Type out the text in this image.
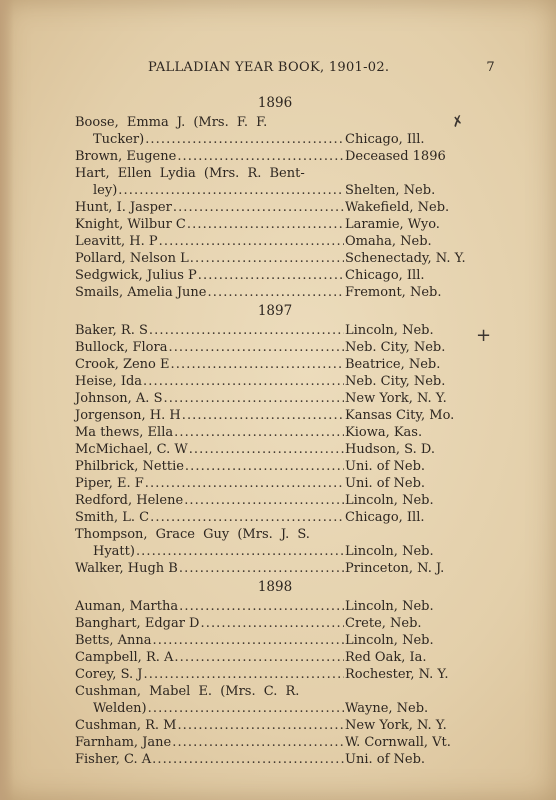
PALLADIAN YEAR BOOK, 1901-02.	7
1896
Boose, Emma J. (Mrs. F. F.
Tucker) .....	Chicago, Ill.
Brown, Eugene .....	Deceased 1896
Hart, Ellen Lydia (Mrs. R. Bent-
ley) .....	Shelten, Neb.
Hunt, I. Jasper .....	Wakefield, Neb.
Knight, Wilbur C .....	Laramie, Wyo.
Leavitt, H. P .....	Omaha, Neb.
Pollard, Nelson L .....	Schenectady, N. Y.
Sedgwick, Julius P .....	Chicago, Ill.
Smails, Amelia June .....	Fremont, Neb.
1897
Baker, R. S .....	Lincoln, Neb.
Bullock, Flora .....	Neb. City, Neb.
Crook, Zeno E .....	Beatrice, Neb.
Heise, Ida .....	Neb. City, Neb.
Johnson, A. S .....	New York, N. Y.
Jorgenson, H. H .....	Kansas City, Mo.
Ma thews, Ella .....	Kiowa, Kas.
McMichael, C. W .....	Hudson, S. D.
Philbrick, Nettie .....	Uni. of Neb.
Piper, E. F .....	Uni. of Neb.
Redford, Helene .....	Lincoln, Neb.
Smith, L. C .....	Chicago, Ill.
Thompson, Grace Guy (Mrs. J. S.
Hyatt) .....	Lincoln, Neb.
Walker, Hugh B .....	Princeton, N. J.
1898
Auman, Martha .....	Lincoln, Neb.
Banghart, Edgar D .....	Crete, Neb.
Betts, Anna .....	Lincoln, Neb.
Campbell, R. A .....	Red Oak, Ia.
Corey, S. J .....	Rochester, N. Y.
Cushman, Mabel E. (Mrs. C. R.
Welden) .....	Wayne, Neb.
Cushman, R. M .....	New York, N. Y.
Farnham, Jane .....	W. Cornwall, Vt.
Fisher, C. A .....	Uni. of Neb.
✗
+
